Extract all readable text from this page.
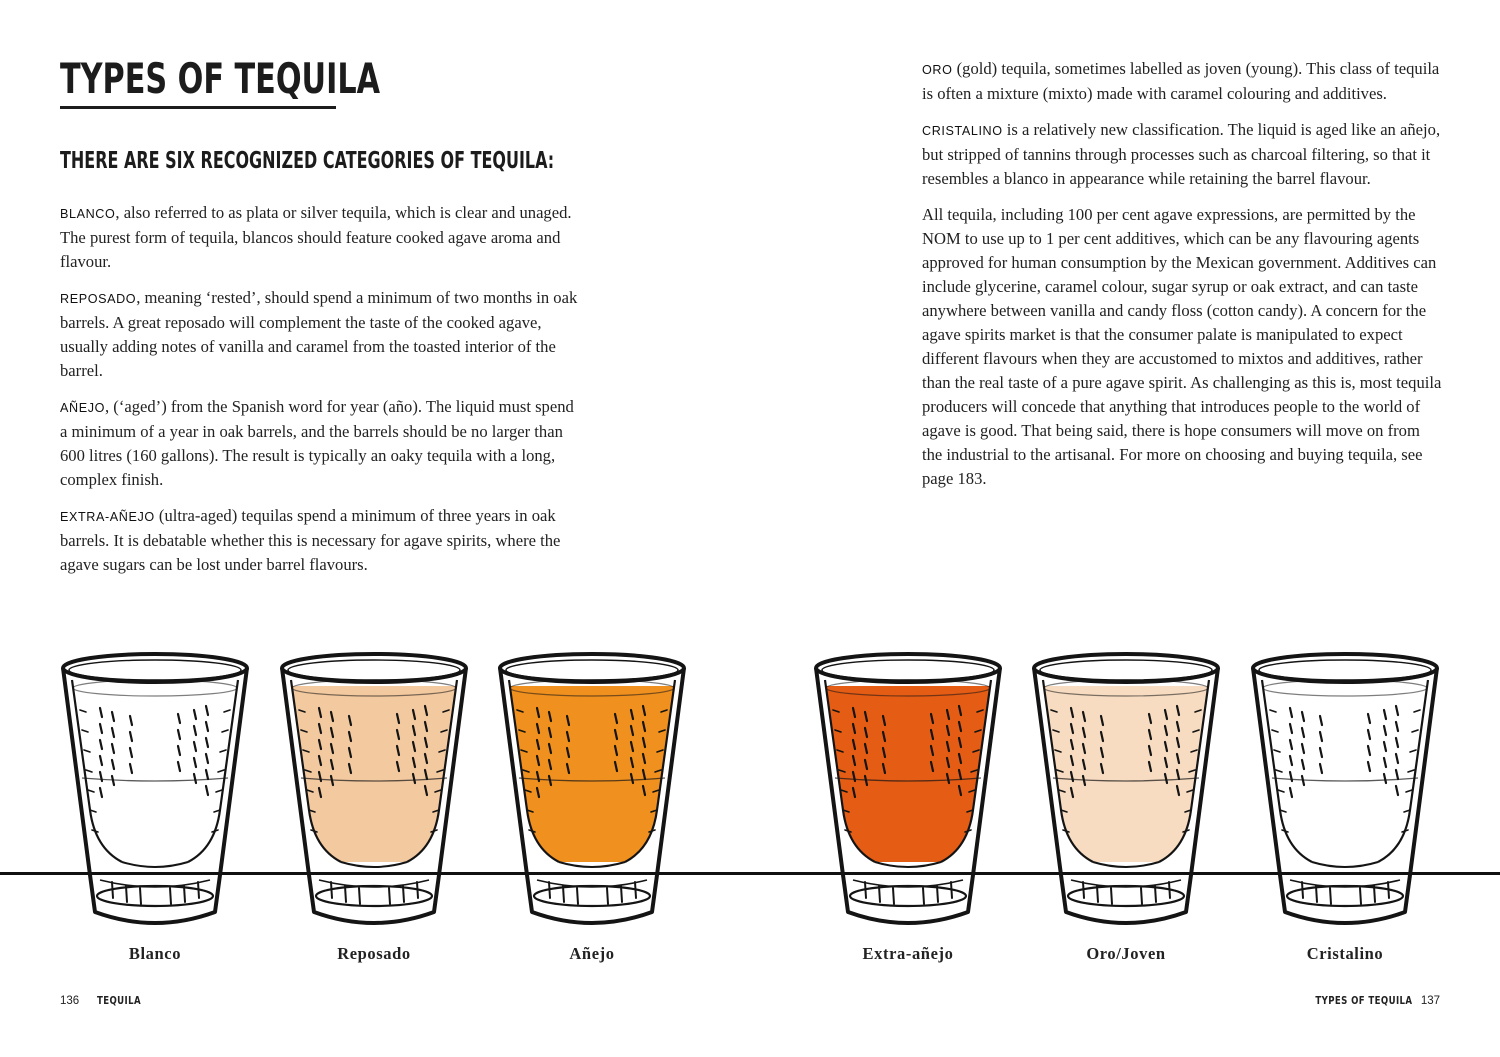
TYPES OF TEQUILA
THERE ARE SIX RECOGNIZED CATEGORIES OF TEQUILA:

BLANCO, also referred to as plata or silver tequila, which is clear and unaged. The purest form of tequila, blancos should feature cooked agave aroma and flavour.

REPOSADO, meaning ‘rested’, should spend a minimum of two months in oak barrels. A great reposado will complement the taste of the cooked agave, usually adding notes of vanilla and caramel from the toasted interior of the barrel.

AÑEJO, (‘aged’) from the Spanish word for year (año). The liquid must spend a minimum of a year in oak barrels, and the barrels should be no larger than 600 litres (160 gallons). The result is typically an oaky tequila with a long, complex finish.

EXTRA-AÑEJO (ultra-aged) tequilas spend a minimum of three years in oak barrels. It is debatable whether this is necessary for agave spirits, where the agave sugars can be lost under barrel flavours.

ORO (gold) tequila, sometimes labelled as joven (young). This class of tequila is often a mixture (mixto) made with caramel colouring and additives.

CRISTALINO is a relatively new classification. The liquid is aged like an añejo, but stripped of tannins through processes such as charcoal filtering, so that it resembles a blanco in appearance while retaining the barrel flavour.

All tequila, including 100 per cent agave expressions, are permitted by the NOM to use up to 1 per cent additives, which can be any flavouring agents approved for human consumption by the Mexican government. Additives can include glycerine, caramel colour, sugar syrup or oak extract, and can taste anywhere between vanilla and candy floss (cotton candy). A concern for the agave spirits market is that the consumer palate is manipulated to expect different flavours when they are accustomed to mixtos and additives, rather than the real taste of a pure agave spirit. As challenging as this is, most tequila producers will concede that anything that introduces people to the world of agave is good. That being said, there is hope consumers will move on from the industrial to the artisanal. For more on choosing and buying tequila, see page 183.

Blanco	Reposado	Añejo	Extra-añejo	Oro/Joven	Cristalino
136 TEQUILA	TYPES OF TEQUILA 137
